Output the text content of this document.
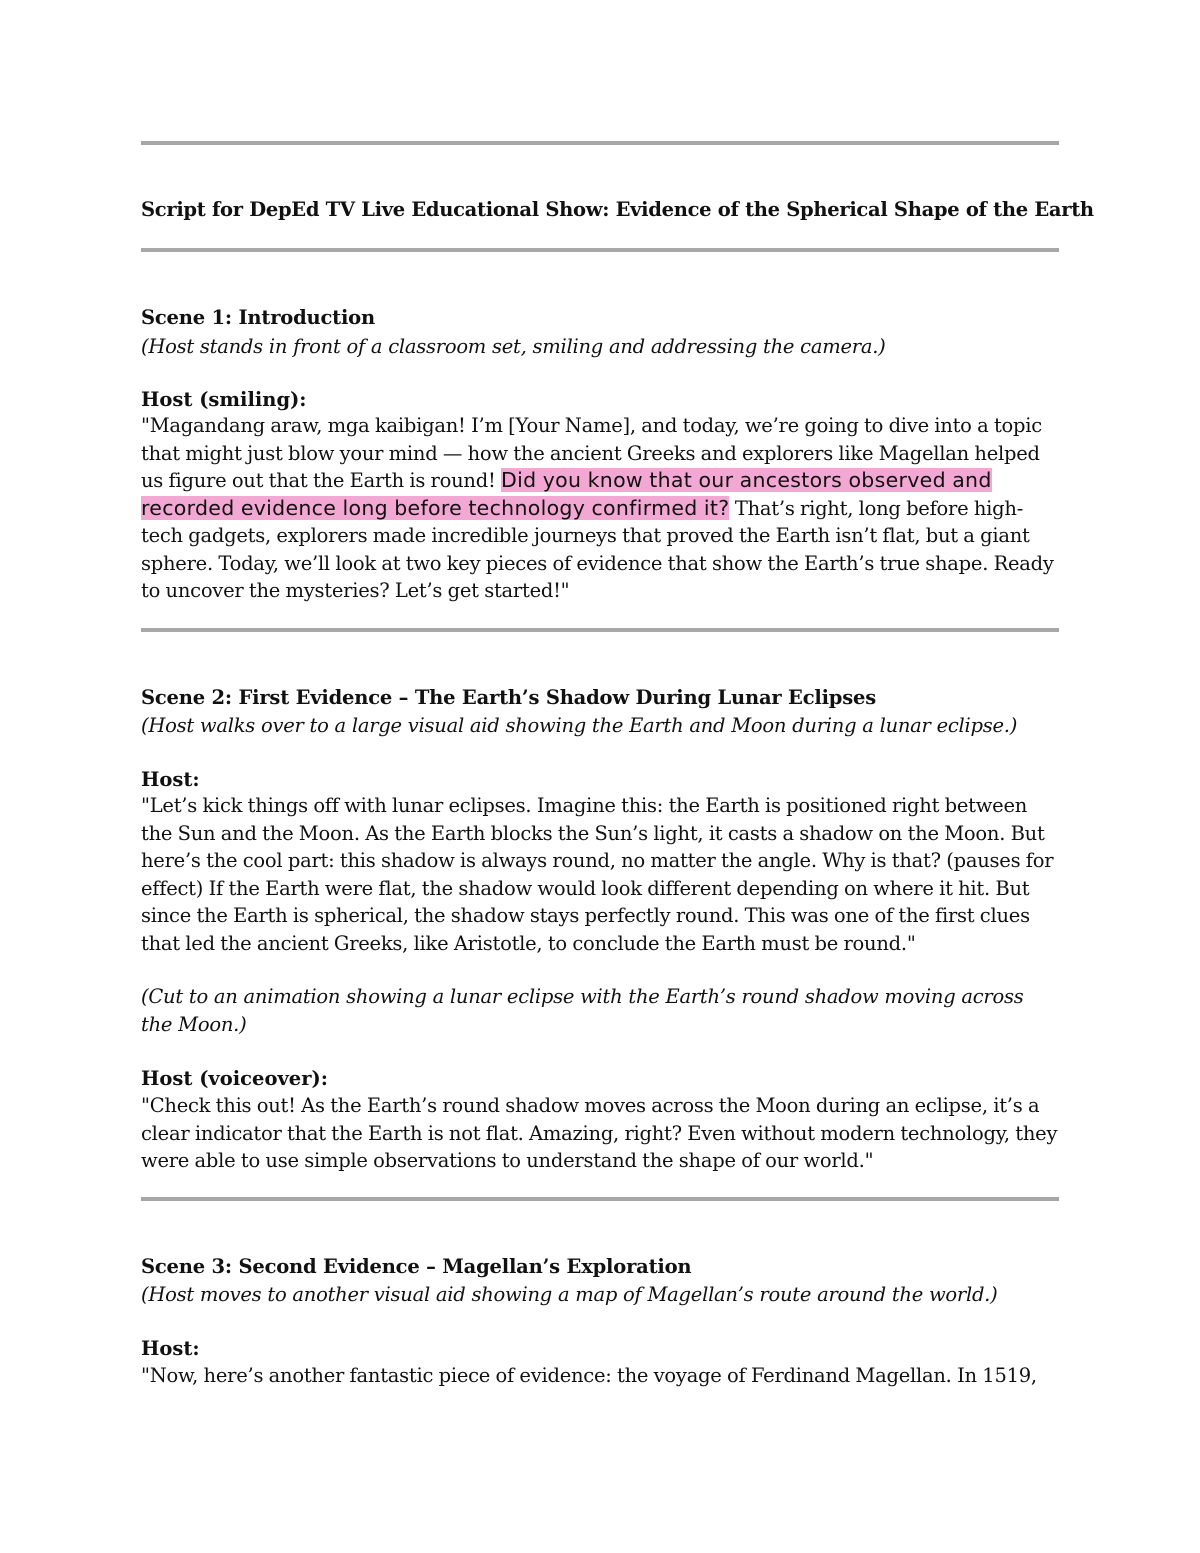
Script for DepEd TV Live Educational Show: Evidence of the Spherical Shape of the Earth
Scene 1: Introduction
(Host stands in front of a classroom set, smiling and addressing the camera.)
Host (smiling):
"Magandang araw, mga kaibigan! I’m [Your Name], and today, we’re going to dive into a topic that might just blow your mind — how the ancient Greeks and explorers like Magellan helped us figure out that the Earth is round! Did you know that our ancestors observed and recorded evidence long before technology confirmed it? That’s right, long before high-tech gadgets, explorers made incredible journeys that proved the Earth isn’t flat, but a giant sphere. Today, we’ll look at two key pieces of evidence that show the Earth’s true shape. Ready to uncover the mysteries? Let’s get started!"
Scene 2: First Evidence – The Earth’s Shadow During Lunar Eclipses
(Host walks over to a large visual aid showing the Earth and Moon during a lunar eclipse.)
Host:
"Let’s kick things off with lunar eclipses. Imagine this: the Earth is positioned right between the Sun and the Moon. As the Earth blocks the Sun’s light, it casts a shadow on the Moon. But here’s the cool part: this shadow is always round, no matter the angle. Why is that? (pauses for effect) If the Earth were flat, the shadow would look different depending on where it hit. But since the Earth is spherical, the shadow stays perfectly round. This was one of the first clues that led the ancient Greeks, like Aristotle, to conclude the Earth must be round."
(Cut to an animation showing a lunar eclipse with the Earth’s round shadow moving across the Moon.)
Host (voiceover):
"Check this out! As the Earth’s round shadow moves across the Moon during an eclipse, it’s a clear indicator that the Earth is not flat. Amazing, right? Even without modern technology, they were able to use simple observations to understand the shape of our world."
Scene 3: Second Evidence – Magellan’s Exploration
(Host moves to another visual aid showing a map of Magellan’s route around the world.)
Host:
"Now, here’s another fantastic piece of evidence: the voyage of Ferdinand Magellan. In 1519,
